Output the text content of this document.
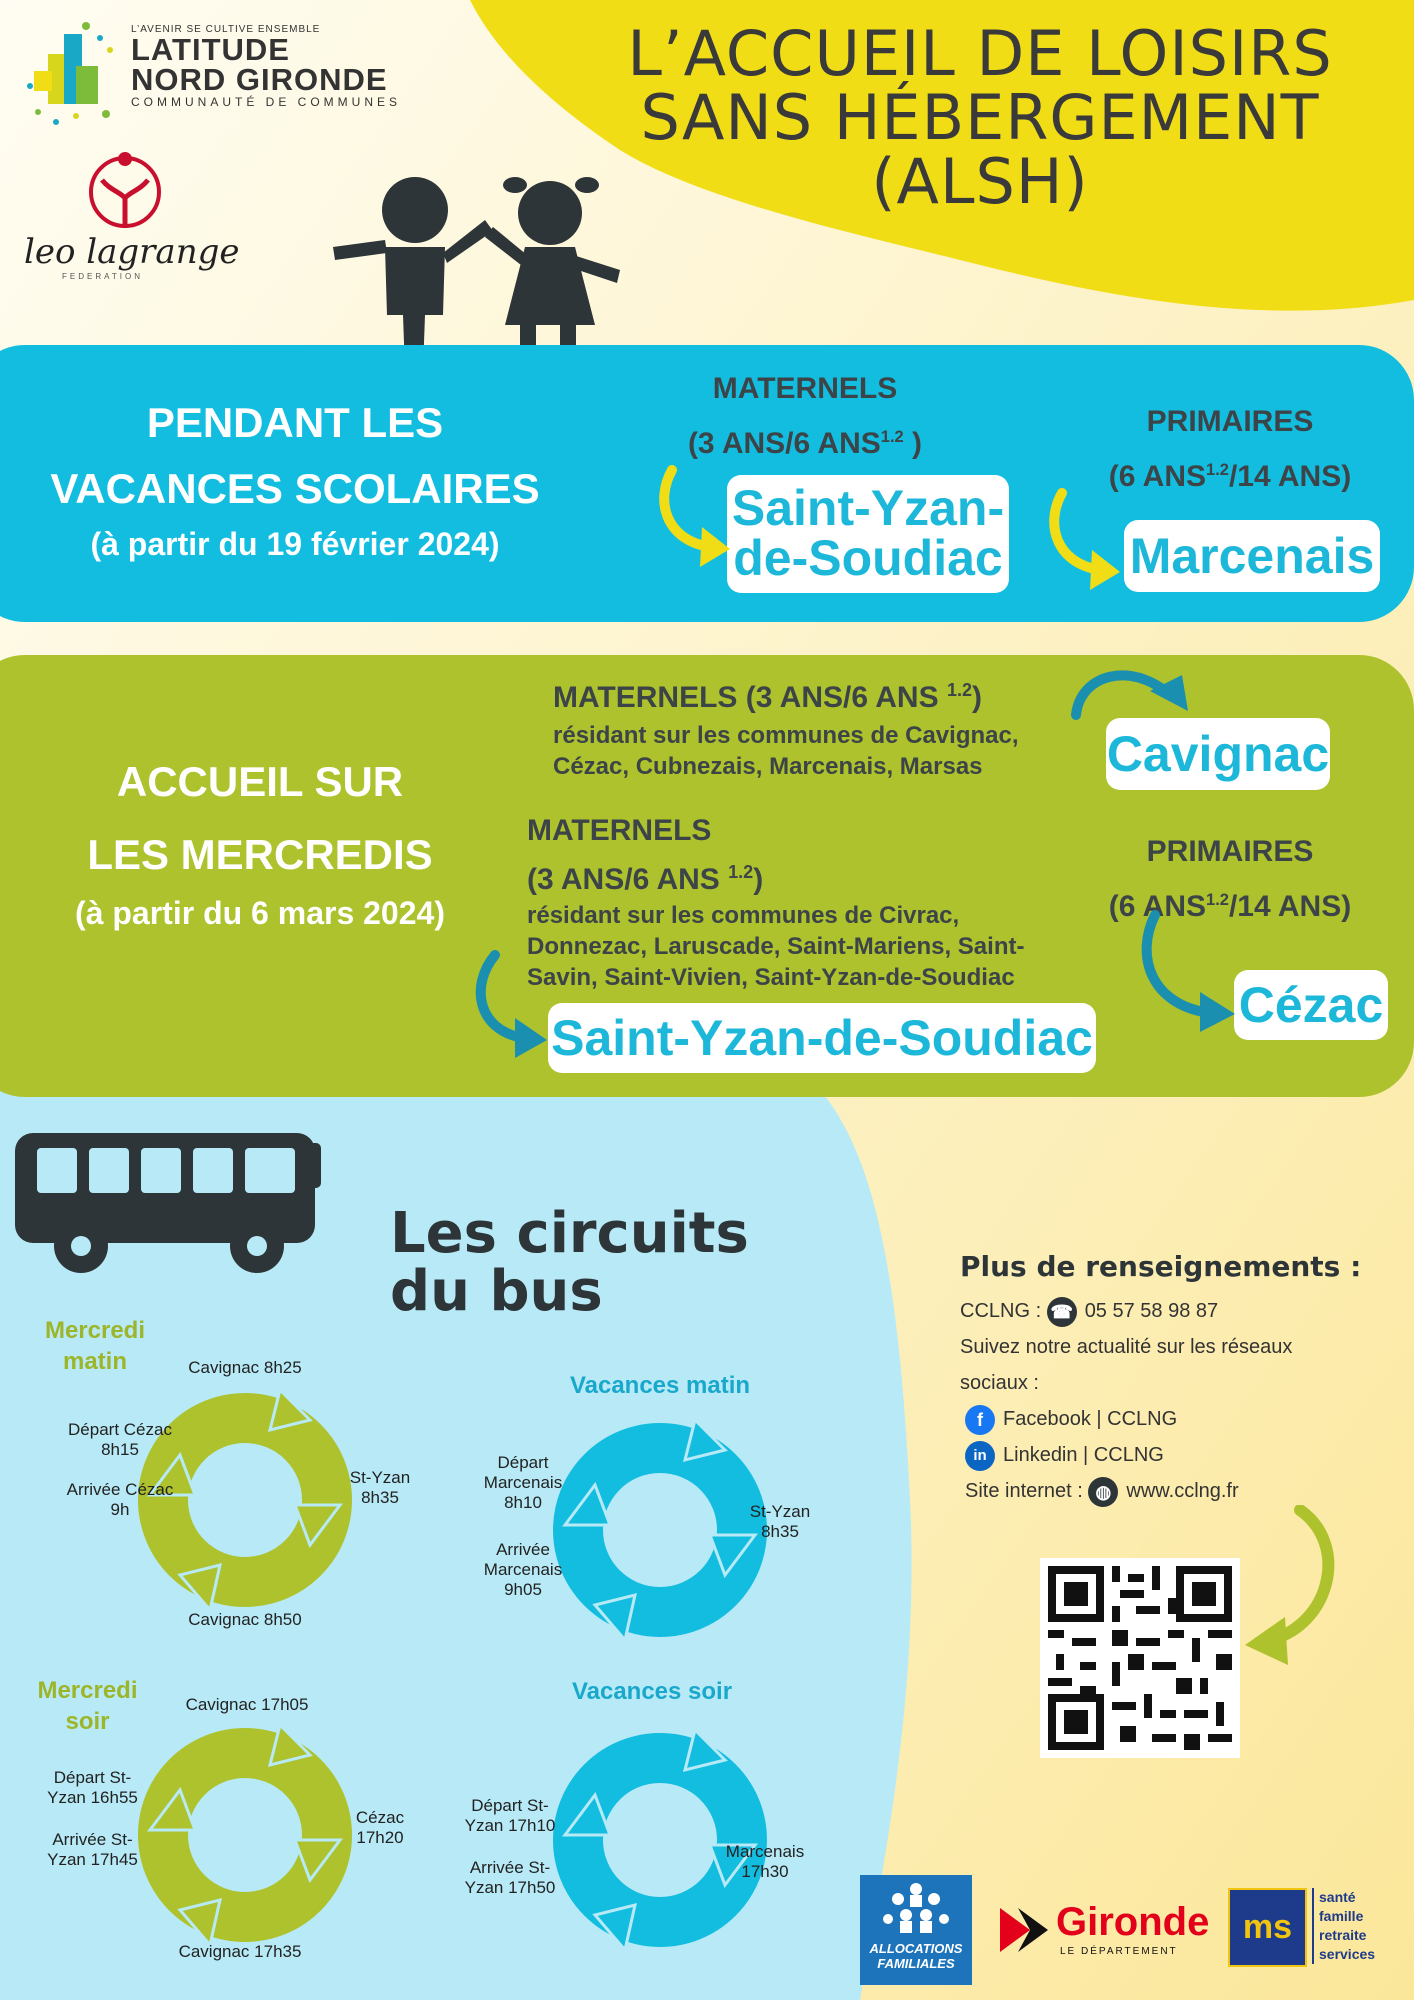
L’AVENIR SE CULTIVE ENSEMBLE
LATITUDE
NORD GIRONDE
COMMUNAUTÉ DE COMMUNES
leo lagrange
FEDERATION
L’ACCUEIL DE LOISIRS
SANS HÉBERGEMENT
(ALSH)
PENDANT LES
VACANCES SCOLAIRES
(à partir du 19 février 2024)
MATERNELS
(3 ANS/6 $ANS^{1.2}$ )
Saint-Yzan-
de-Soudiac
PRIMAIRES
(6 $ANS^{1.2}/14$ ANS)
Marcenais
ACCUEIL SUR
LES MERCREDIS
(à partir du 6 mars 2024)
MATERNELS (3 ANS/6 ANS $^{1.2}$)
résidant sur les communes de Cavignac,
Cézac, Cubnezais, Marcenais, Marsas	Cavignac
MATERNELS
(3 ANS/6 ANS $^{1.2}$)
résidant sur les communes de Civrac,
Donnezac, Laruscade, Saint-Mariens, Saint-
Savin, Saint-Vivien, Saint-Yzan-de-Soudiac
Saint-Yzan-de-Soudiac
PRIMAIRES
(6 $ANS^{1.2}/14$ ANS)
Cézac
Les circuits
du bus
Mercredi
matin	Cavignac 8h25
St-Yzan
8h35
Cavignac 8h50
Départ Cézac
8h15
Arrivée Cézac
9h
Mercredi
soir
Cavignac 17h05
Cézac
17h20
Cavignac 17h35
Départ St-
Yzan 16h55
Arrivée St-
Yzan 17h45
Vacances matin
St-Yzan
8h35
Départ
Marcenais
8h10
Arrivée
Marcenais
9h05
Vacances soir
Marcenais
17h30
Départ St-
Yzan 17h10
Arrivée St-
Yzan 17h50
Plus de renseignements :
CCLNG : ☎ 05 57 58 98 87
Suivez notre actualité sur les réseaux
sociaux :
f Facebook | CCLNG
in Linkedin | CCLNG
Site internet : ◍ www.cclng.fr
ALLOCATIONS
FAMILIALES
Gironde
LE DÉPARTEMENT
ms
santé
famille
retraite
services
